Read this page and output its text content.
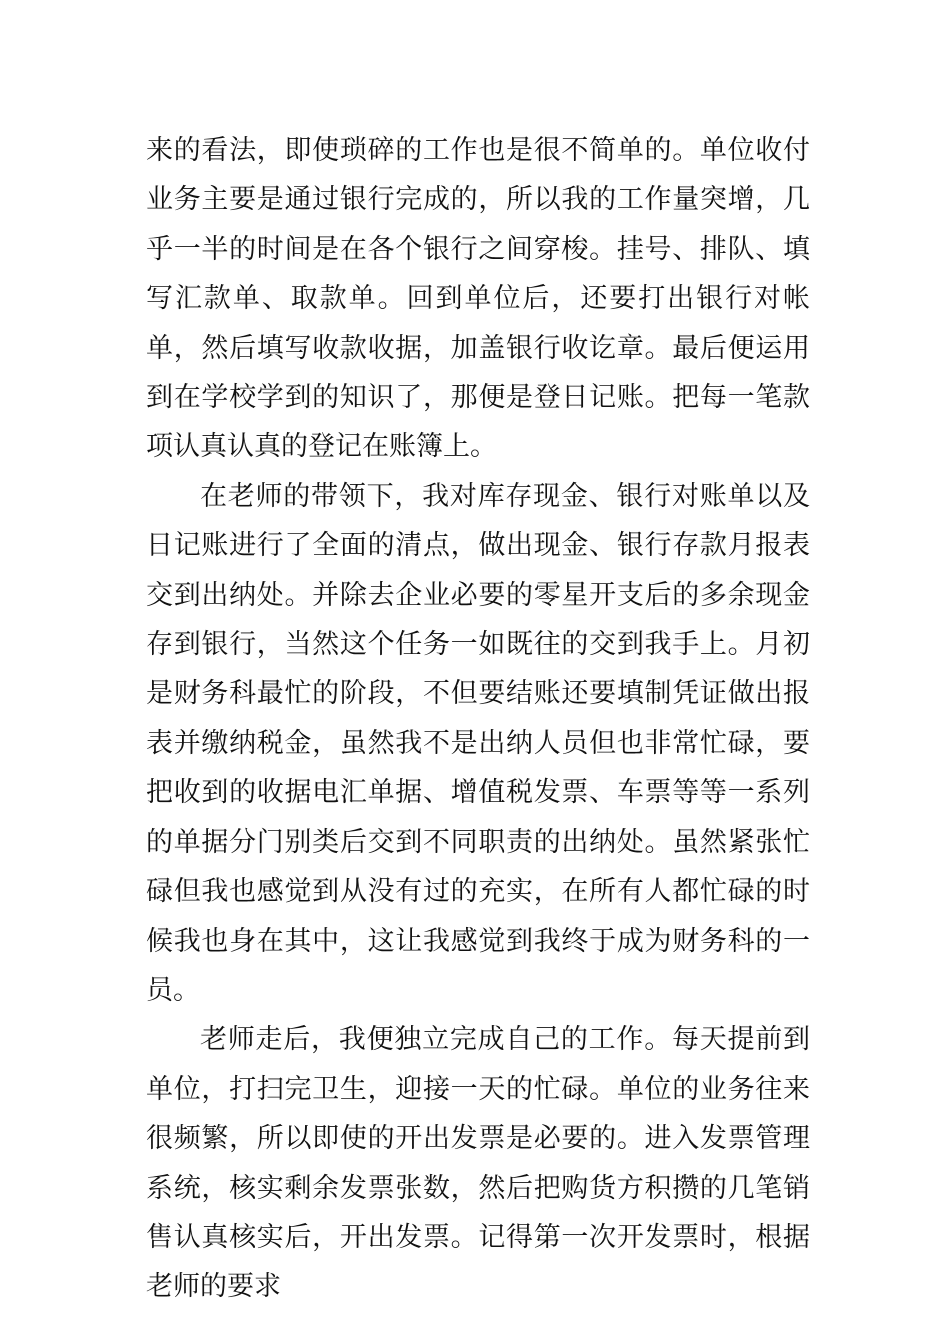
来的看法，即使琐碎的工作也是很不简单的。单位收付业务主要是通过银行完成的，所以我的工作量突增，几乎一半的时间是在各个银行之间穿梭。挂号、排队、填写汇款单、取款单。回到单位后，还要打出银行对帐单，然后填写收款收据，加盖银行收讫章。最后便运用到在学校学到的知识了，那便是登日记账。把每一笔款项认真认真的登记在账簿上。

在老师的带领下，我对库存现金、银行对账单以及日记账进行了全面的清点，做出现金、银行存款月报表交到出纳处。并除去企业必要的零星开支后的多余现金存到银行，当然这个任务一如既往的交到我手上。月初是财务科最忙的阶段，不但要结账还要填制凭证做出报表并缴纳税金，虽然我不是出纳人员但也非常忙碌，要把收到的收据电汇单据、增值税发票、车票等等一系列的单据分门别类后交到不同职责的出纳处。虽然紧张忙碌但我也感觉到从没有过的充实，在所有人都忙碌的时候我也身在其中，这让我感觉到我终于成为财务科的一员。

老师走后，我便独立完成自己的工作。每天提前到单位，打扫完卫生，迎接一天的忙碌。单位的业务往来很频繁，所以即使的开出发票是必要的。进入发票管理系统，核实剩余发票张数，然后把购货方积攒的几笔销售认真核实后，开出发票。记得第一次开发票时，根据老师的要求
